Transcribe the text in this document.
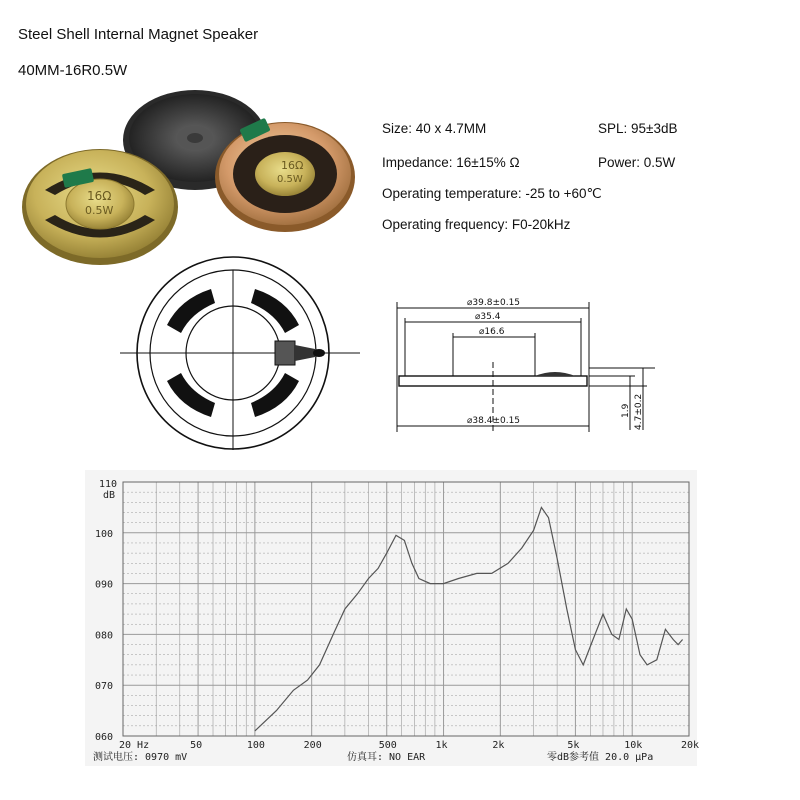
Steel Shell Internal Magnet Speaker
40MM-16R0.5W
Size: 40 x 4.7MM	SPL: 95±3dB
Impedance: 16±15% Ω	Power: 0.5W
Operating temperature: -25 to +60℃
Operating frequency: F0-20kHz
16Ω
0.5W
16Ω
0.5W
⌀39.8±0.15
⌀35.4
⌀16.6
⌀38.4±0.15
1.9 4.7±0.2
110
dB
100
090
080
070
060
20 Hz	50	100	200	500	1k	2k	5k	10k	20k
测试电压: 0970 mV	仿真耳: NO EAR	零dB参考值 20.0 μPa
